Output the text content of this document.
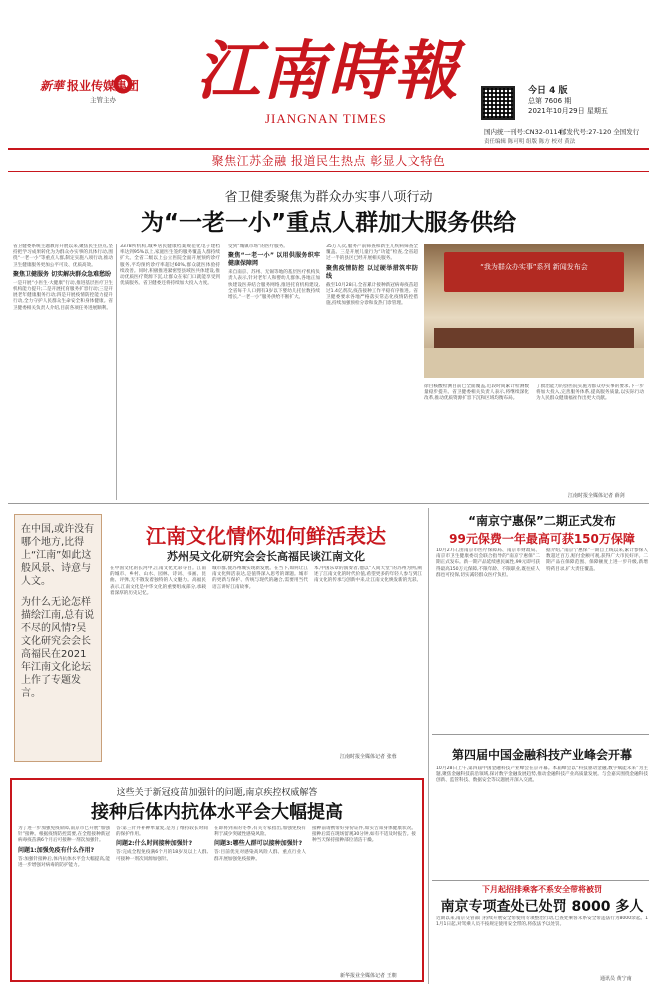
新華 报业传媒集团
主管主办 江南時報
JIANGNAN TIMES
今日 4 版
总第 7606 期
2021年10月29日 星期五
国内统一刊号:CN32-0114
邮发代号:27-120 全国发行
责任编辑 陈可明 组版 陈方 校对 黄法
聚焦江苏金融 报道民生热点 彰显人文特色
省卫健委聚焦为群众办实事八项行动
为“一老一小”重点人群加大服务供给
省卫健委系统主题教育开展以来,聚焦民生热点,坚持把学习成果转化为为群众办实事的具体行动,围绕“一老一小”等重点人群,制定实施八项行动,推动卫生健康服务更加公平可及、优质高效。
聚焦卫健服务 切实解决群众急难愁盼
一是开展“小医生·大健康”行动,推进基层医疗卫生机构能力提升;二是开展托育服务扩容行动;三是开展老年健康服务行动;四是开展疫情防控能力提升行动,全力守护人民群众生命安全和身体健康。省卫健委相关负责人介绍,目前各项任务进展顺利。
3378所机构,城乡居民健康档案规范化电子建档率达到95%以上,家庭医生签约服务覆盖人群持续扩大。全省二级以上公立医院全面开展预约诊疗服务,平均预约诊疗率超过60%,群众就医体验持续改善。同时,积极推进紧密型县域医共体建设,推动优质医疗资源下沉,让群众在家门口就能享受到优质服务。省卫健委还将持续加大投入力度。
受到“城镇市场”的医疗服务。
聚焦“一老一小” 以用供服务织牢健康保障网
来自南京、苏州、无锡等地的基层医疗机构负责人表示,针对老年人和婴幼儿群体,各地正加快建设医养结合服务网络,推进托育机构建设,全省每千人口拥有3岁以下婴幼儿托位数持续增长,“一老一小”服务供给不断扩大。
35万人次,服务产前筛查和新生儿疾病筛查全覆盖。三是开展儿童行为“功能”检查,全省超过一半的县区已经开展相关服务。
聚焦疫情防控 以过硬举措筑牢防线
截至10月28日,全省累计接种新冠病毒疫苗超过1.4亿剂次,疫苗接种工作平稳有序推进。省卫健委要求各地严格落实常态化疫情防控措施,持续加强预检分诊和发热门诊管理。
“我为群众办实事”系列 新闻发布会
徐白核酸检测目前已全面覆盖,近段时间累计检测数量稳步提升。省卫健委相关负责人表示,将继续深化改革,推动优质资源扩容下沉和区域均衡布局。
了救治能力的县医院实施为群众办实事的要求,下一步将加大投入,完善服务体系,提高服务质量,以实际行动为人民群众健康福祉作出更大贡献。
江南时报全媒体记者 薛剑
在中国,或许没有哪个地方,比得上“江南”如此这般风景、诗意与人文。
为什么无论怎样描绘江南,总有说不尽的风情?吴文化研究会会长高福民在2021年江南文化论坛上作了专题发言。
江南文化情怀如何鲜活表达
苏州吴文化研究会会长高福民谈江南文化
在中国文化的长河中,江南文化光彩夺目。江南的城市、乡村、山水、园林、诗词、书画、昆曲、评弹,无不散发着独特的人文魅力。高福民表示,江南文化是中华文化的重要组成部分,承载着深厚的历史记忆。
城市群,使苏州城实现新发展。在当下,如何让江南文化鲜活表达,是值得深入思考的课题。城市的更新与保护、传统与现代的融合,需要用当代语言讲好江南故事。
本,中国乐章的演奏者,他以“人间天堂”的苏州为例,阐述了江南文化的时代价值,希望更多的年轻人参与到江南文化的传承与创新中来,让江南文化焕发新的光彩。
江南时报全媒体记者 张蓉
“南京宁惠保”二期正式发布
99元保费一年最高可获150万保障
10月27日,由南京市医疗保障局、南京市财政局、南京市卫生健康委员会联合指导的“南京宁惠保”二期正式发布。新一期产品延续惠民属性,99元即可获得最高150万元保障,不限年龄、不限职业,既往症人群也可投保,切实减轻群众医疗负担。
据介绍,“南京宁惠保”一期自上线以来,累计参保人数超过百万,赔付金额可观,获得广大市民好评。二期产品在保障范围、保障额度上进一步升级,新增特药目录,扩大责任覆盖。
第四届中国金融科技产业峰会开幕
10月28日上午,第四届中国金融科技产业峰会在京开幕。本届峰会以“科技驱动金融,数字赋能未来”为主题,聚焦金融科技前沿领域,探讨数字金融发展趋势,推动金融科技产业高质量发展。与会嘉宾围绕金融科技创新、监管科技、数据安全等议题展开深入交流。
下月起招排乘客不系安全带将被罚
南京专项查处已处罚 8000 多人
近期以来,南京交管部门持续开展安全带使用专项整治行动,已查处乘客未系安全带违法行为8000余起。11月1日起,对驾乘人员不按规定使用安全带的,将依法予以处罚。
通讯员 黄宁南
这些关于新冠疫苗加强针的问题,南京疾控权威解答
接种后体内抗体水平会大幅提高
为了进一步加强免疫屏障,南京市已开展“加强针”接种。根据疫情防控需要,在全程接种新冠病毒疫苗满6个月后可接种一剂次加强针。
问题1:加强免疫有什么作用?
答:加强针接种后,体内抗体水平会大幅提高,能进一步增强对病毒的防护能力。
答:第三针并补种单量复,是为了维持较长时间的保护作用。
问题2:什么时间接种加强针?
答:完成全程免疫满6个月的18岁及以上人群,可接种一剂次同源加强针。
在即将到来的冬季,有关专家指出,加强免疫有利于减少突破性感染风险。
问题3:哪些人群可以接种加强针?
答:目前优先对感染高风险人群、重点行业人群开展加强免疫接种。
接种前请携带好身份证件,如实告知身体健康状况。接种后需在现场留观30分钟,如有不适及时报告。接种当天保持接种部位清洁干燥。
新华报业全媒体记者 王朝
